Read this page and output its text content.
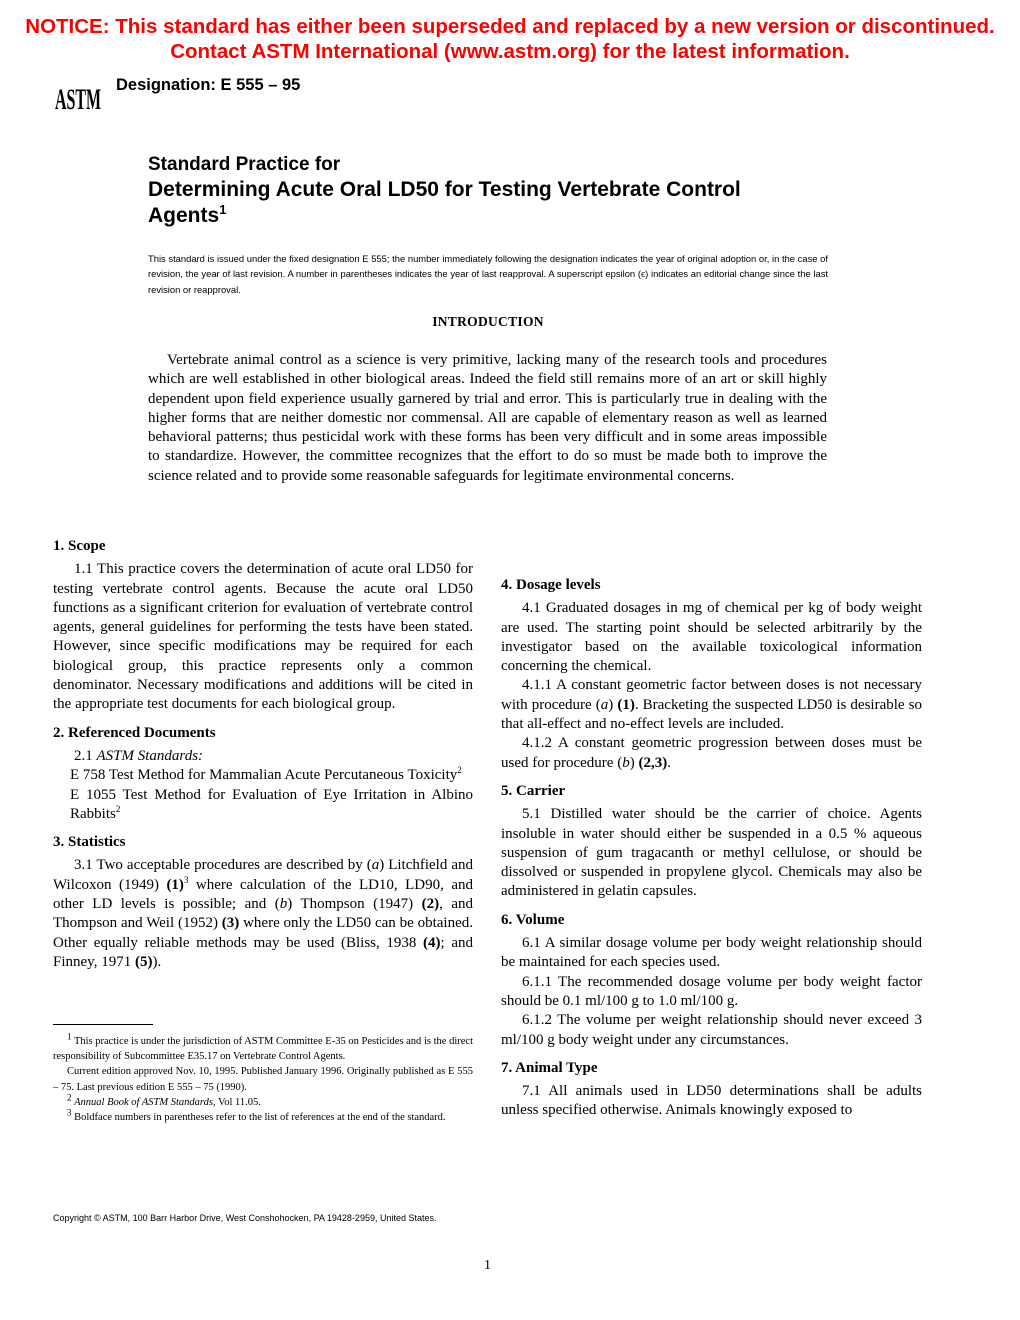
NOTICE: This standard has either been superseded and replaced by a new version or discontinued.
Contact ASTM International (www.astm.org) for the latest information.
ASTM Designation: E 555 – 95
Standard Practice for
Determining Acute Oral LD50 for Testing Vertebrate Control
Agents$^1$
This standard is issued under the fixed designation E 555; the number immediately following the designation indicates the year of original adoption or, in the case of revision, the year of last revision. A number in parentheses indicates the year of last reapproval. A superscript epsilon (ϵ) indicates an editorial change since the last revision or reapproval.
INTRODUCTION

Vertebrate animal control as a science is very primitive, lacking many of the research tools and procedures which are well established in other biological areas. Indeed the field still remains more of an art or skill highly dependent upon field experience usually garnered by trial and error. This is particularly true in dealing with the higher forms that are neither domestic nor commensal. All are capable of elementary reason as well as learned behavioral patterns; thus pesticidal work with these forms has been very difficult and in some areas impossible to standardize. However, the committee recognizes that the effort to do so must be made both to improve the science related and to provide some reasonable safeguards for legitimate environmental concerns.

1. Scope

1.1 This practice covers the determination of acute oral LD50 for testing vertebrate control agents. Because the acute oral LD50 functions as a significant criterion for evaluation of vertebrate control agents, general guidelines for performing the tests have been stated. However, since specific modifications may be required for each biological group, this practice represents only a common denominator. Necessary modifications and additions will be cited in the appropriate test documents for each biological group.

2. Referenced Documents

2.1 ASTM Standards:

E 758 Test Method for Mammalian Acute Percutaneous Toxicity$^2$

E 1055 Test Method for Evaluation of Eye Irritation in Albino Rabbits$^2$

3. Statistics

3.1 Two acceptable procedures are described by (a) Litchfield and Wilcoxon (1949) $(1)^3$ where calculation of the LD10, LD90, and other LD levels is possible; and (b) Thompson (1947) (2), and Thompson and Weil (1952) (3) where only the LD50 can be obtained. Other equally reliable methods may be used (Bliss, 1938 (4); and Finney, 1971 (5)).

$^1$ This practice is under the jurisdiction of ASTM Committee E-35 on Pesticides and is the direct responsibility of Subcommittee E35.17 on Vertebrate Control Agents.

Current edition approved Nov. 10, 1995. Published January 1996. Originally published as E 555 – 75. Last previous edition E 555 – 75 (1990).

$^2$ Annual Book of ASTM Standards, Vol 11.05.

$^3$ Boldface numbers in parentheses refer to the list of references at the end of the standard.

4. Dosage levels

4.1 Graduated dosages in mg of chemical per kg of body weight are used. The starting point should be selected arbitrarily by the investigator based on the available toxicological information concerning the chemical.

4.1.1 A constant geometric factor between doses is not necessary with procedure (a) (1). Bracketing the suspected LD50 is desirable so that all-effect and no-effect levels are included.

4.1.2 A constant geometric progression between doses must be used for procedure (b) (2,3).

5. Carrier

5.1 Distilled water should be the carrier of choice. Agents insoluble in water should either be suspended in a 0.5 % aqueous suspension of gum tragacanth or methyl cellulose, or should be dissolved or suspended in propylene glycol. Chemicals may also be administered in gelatin capsules.

6. Volume

6.1 A similar dosage volume per body weight relationship should be maintained for each species used.

6.1.1 The recommended dosage volume per body weight factor should be 0.1 ml/100 g to 1.0 ml/100 g.

6.1.2 The volume per weight relationship should never exceed 3 ml/100 g body weight under any circumstances.

7. Animal Type

7.1 All animals used in LD50 determinations shall be adults unless specified otherwise. Animals knowingly exposed to

Copyright © ASTM, 100 Barr Harbor Drive, West Conshohocken, PA 19428-2959, United States.
1
